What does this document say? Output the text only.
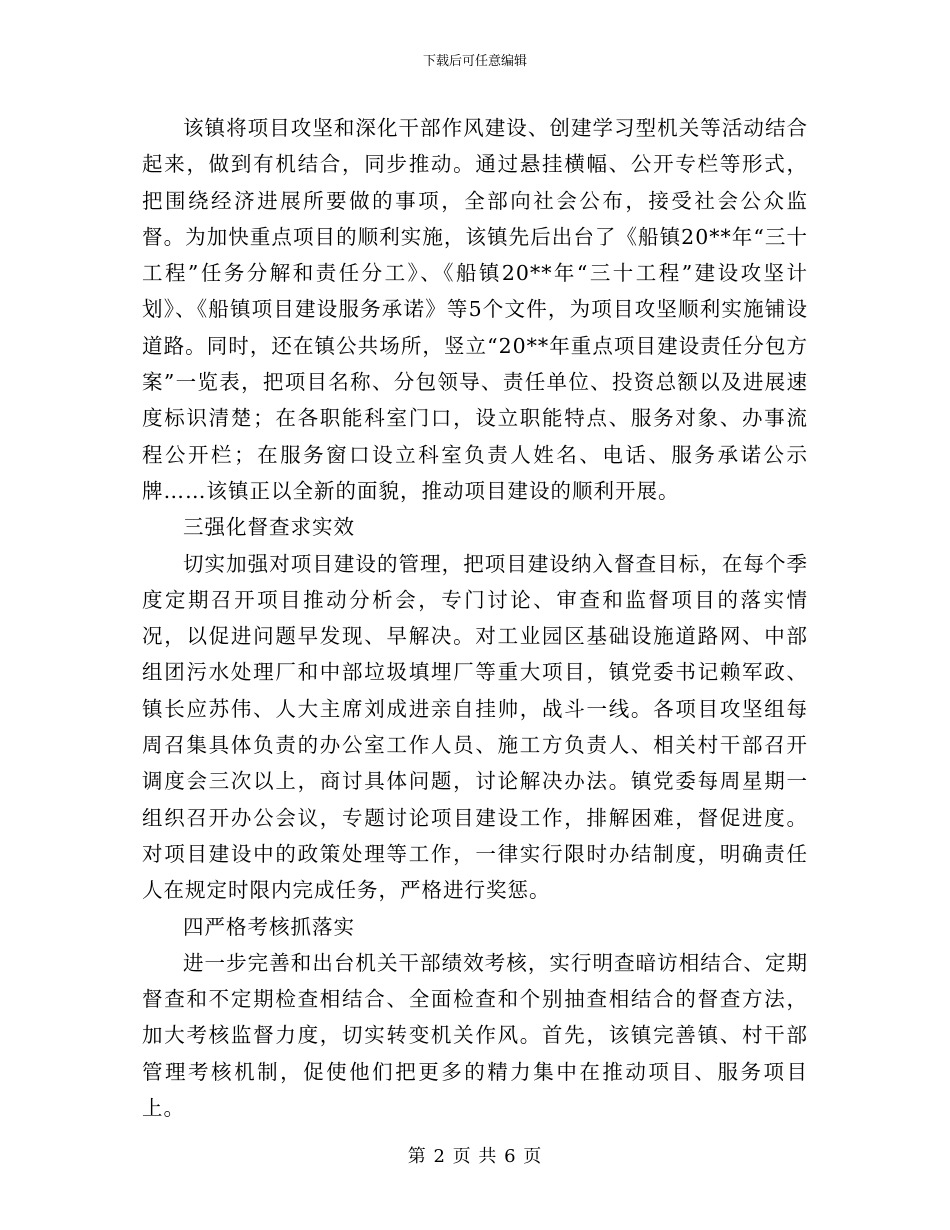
下载后可任意编辑

该镇将项目攻坚和深化干部作风建设、创建学习型机关等活动结合起来，做到有机结合，同步推动。通过悬挂横幅、公开专栏等形式，把围绕经济进展所要做的事项，全部向社会公布，接受社会公众监督。为加快重点项目的顺利实施，该镇先后出台了《船镇20**年“三十工程”任务分解和责任分工》、《船镇20**年“三十工程”建设攻坚计划》、《船镇项目建设服务承诺》等5个文件，为项目攻坚顺利实施铺设道路。同时，还在镇公共场所，竖立“20**年重点项目建设责任分包方案”一览表，把项目名称、分包领导、责任单位、投资总额以及进展速度标识清楚；在各职能科室门口，设立职能特点、服务对象、办事流程公开栏；在服务窗口设立科室负责人姓名、电话、服务承诺公示牌……该镇正以全新的面貌，推动项目建设的顺利开展。

三强化督查求实效

切实加强对项目建设的管理，把项目建设纳入督查目标，在每个季度定期召开项目推动分析会，专门讨论、审查和监督项目的落实情况，以促进问题早发现、早解决。对工业园区基础设施道路网、中部组团污水处理厂和中部垃圾填埋厂等重大项目，镇党委书记赖军政、镇长应苏伟、人大主席刘成进亲自挂帅，战斗一线。各项目攻坚组每周召集具体负责的办公室工作人员、施工方负责人、相关村干部召开调度会三次以上，商讨具体问题，讨论解决办法。镇党委每周星期一组织召开办公会议，专题讨论项目建设工作，排解困难，督促进度。对项目建设中的政策处理等工作，一律实行限时办结制度，明确责任人在规定时限内完成任务，严格进行奖惩。

四严格考核抓落实

进一步完善和出台机关干部绩效考核，实行明查暗访相结合、定期督查和不定期检查相结合、全面检查和个别抽查相结合的督查方法，加大考核监督力度，切实转变机关作风。首先，该镇完善镇、村干部管理考核机制，促使他们把更多的精力集中在推动项目、服务项目上。

第 2 页 共 6 页
